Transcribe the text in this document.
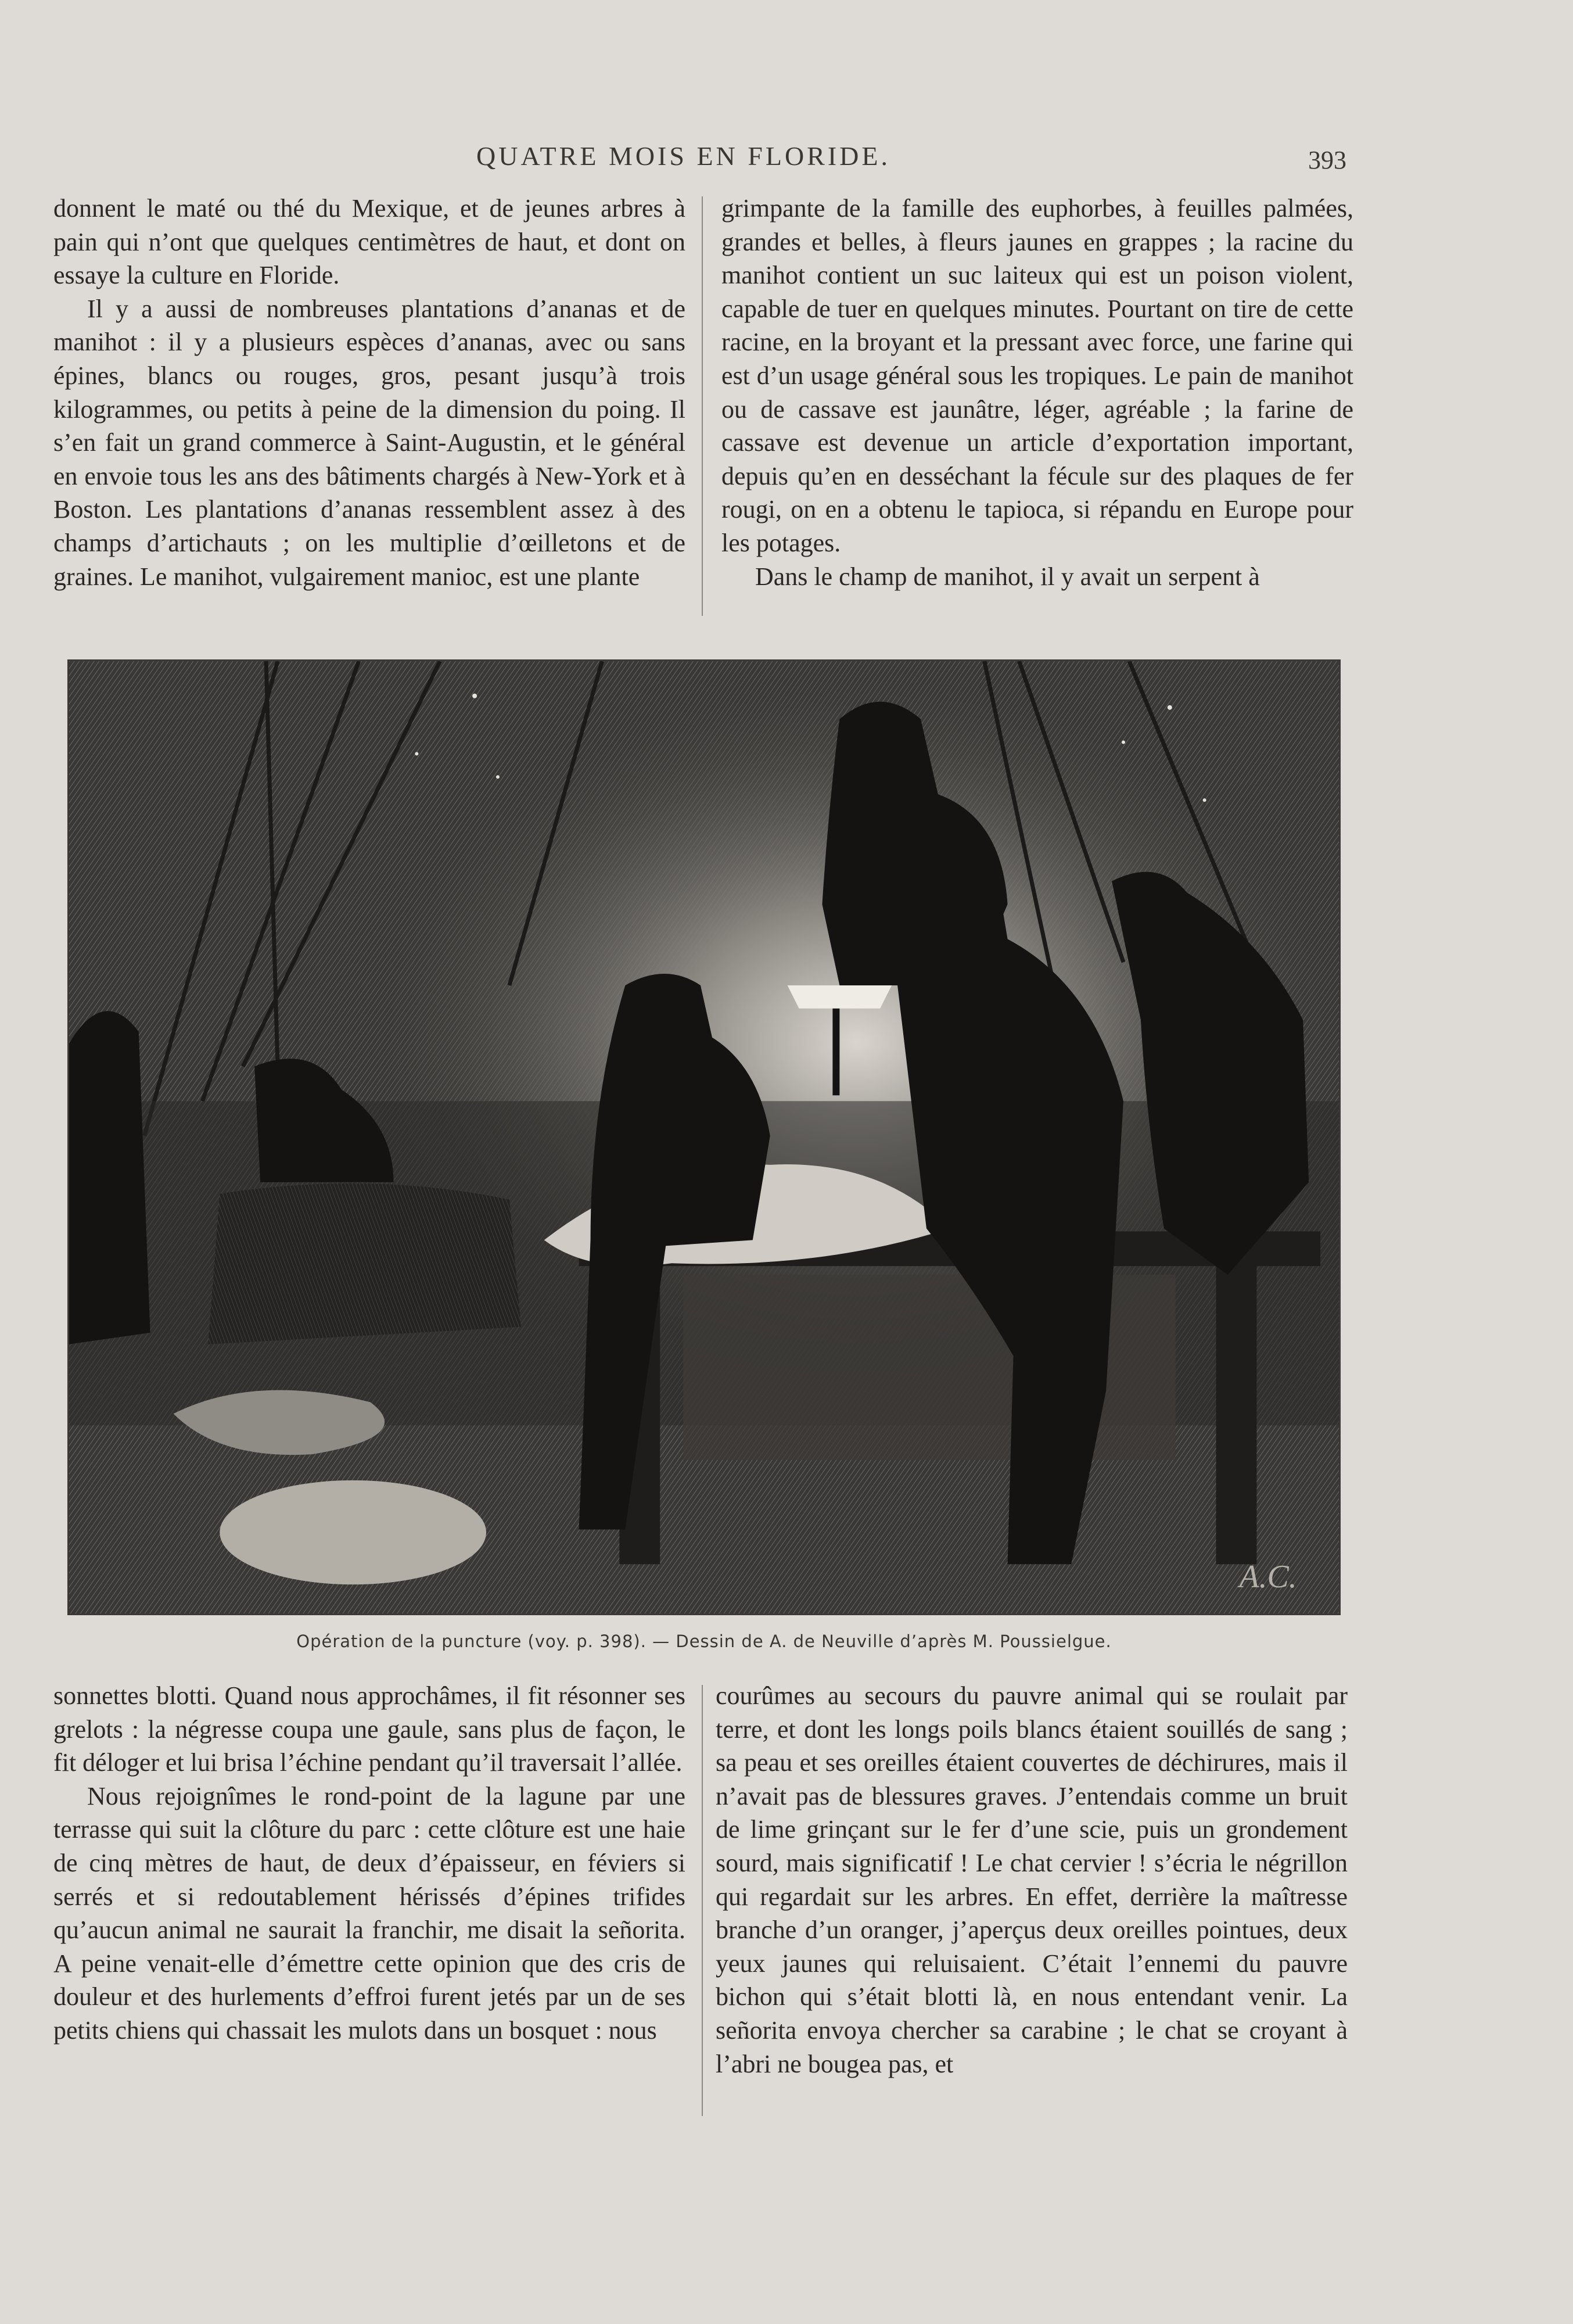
QUATRE MOIS EN FLORIDE.	393

donnent le maté ou thé du Mexique, et de jeunes arbres à pain qui n’ont que quelques centimètres de haut, et dont on essaye la culture en Floride.

Il y a aussi de nombreuses plantations d’ananas et de manihot : il y a plusieurs espèces d’ananas, avec ou sans épines, blancs ou rouges, gros, pesant jusqu’à trois kilogrammes, ou petits à peine de la dimension du poing. Il s’en fait un grand commerce à Saint-Augustin, et le général en envoie tous les ans des bâtiments chargés à New-York et à Boston. Les plantations d’ananas ressemblent assez à des champs d’artichauts ; on les multiplie d’œilletons et de graines. Le manihot, vulgairement manioc, est une plante

grimpante de la famille des euphorbes, à feuilles palmées, grandes et belles, à fleurs jaunes en grappes ; la racine du manihot contient un suc laiteux qui est un poison violent, capable de tuer en quelques minutes. Pourtant on tire de cette racine, en la broyant et la pressant avec force, une farine qui est d’un usage général sous les tropiques. Le pain de manihot ou de cassave est jaunâtre, léger, agréable ; la farine de cassave est devenue un article d’exportation important, depuis qu’en en desséchant la fécule sur des plaques de fer rougi, on en a obtenu le tapioca, si répandu en Europe pour les potages.

Dans le champ de manihot, il y avait un serpent à

A.C.
Opération de la puncture (voy. p. 398). — Dessin de A. de Neuville d’après M. Poussielgue.

sonnettes blotti. Quand nous approchâmes, il fit résonner ses grelots : la négresse coupa une gaule, sans plus de façon, le fit déloger et lui brisa l’échine pendant qu’il traversait l’allée.

Nous rejoignîmes le rond-point de la lagune par une terrasse qui suit la clôture du parc : cette clôture est une haie de cinq mètres de haut, de deux d’épaisseur, en féviers si serrés et si redoutablement hérissés d’épines trifides qu’aucun animal ne saurait la franchir, me disait la señorita. A peine venait-elle d’émettre cette opinion que des cris de douleur et des hurlements d’effroi furent jetés par un de ses petits chiens qui chassait les mulots dans un bosquet : nous

courûmes au secours du pauvre animal qui se roulait par terre, et dont les longs poils blancs étaient souillés de sang ; sa peau et ses oreilles étaient couvertes de déchirures, mais il n’avait pas de blessures graves. J’entendais comme un bruit de lime grinçant sur le fer d’une scie, puis un grondement sourd, mais significatif ! Le chat cervier ! s’écria le négrillon qui regardait sur les arbres. En effet, derrière la maîtresse branche d’un oranger, j’aperçus deux oreilles pointues, deux yeux jaunes qui reluisaient. C’était l’ennemi du pauvre bichon qui s’était blotti là, en nous entendant venir. La señorita envoya chercher sa carabine ; le chat se croyant à l’abri ne bougea pas, et
